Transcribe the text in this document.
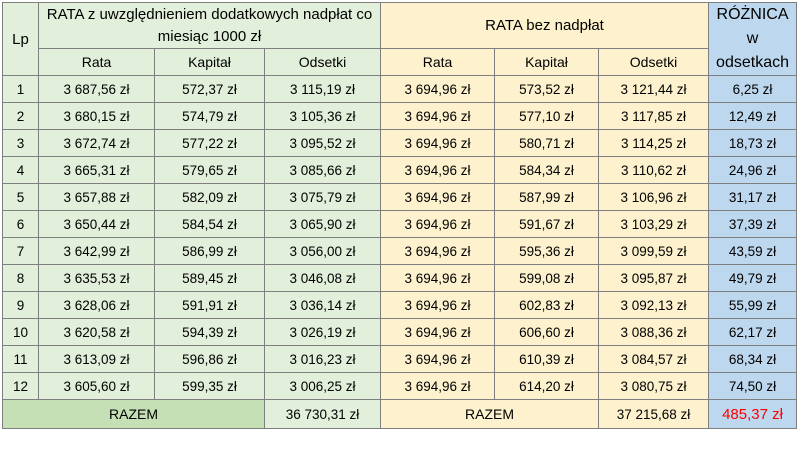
Lp	RATA z uwzględnieniem dodatkowych nadpłat co miesiąc 1000 zł			RATA bez nadpłat			RÓŻNICA
w odsetkach

	Rata	Kapitał	Odsetki	Rata	Kapitał	Odsetki	
1	3 687,56 zł	572,37 zł	3 115,19 zł	3 694,96 zł	573,52 zł	3 121,44 zł	6,25 zł
2	3 680,15 zł	574,79 zł	3 105,36 zł	3 694,96 zł	577,10 zł	3 117,85 zł	12,49 zł
3	3 672,74 zł	577,22 zł	3 095,52 zł	3 694,96 zł	580,71 zł	3 114,25 zł	18,73 zł
4	3 665,31 zł	579,65 zł	3 085,66 zł	3 694,96 zł	584,34 zł	3 110,62 zł	24,96 zł
5	3 657,88 zł	582,09 zł	3 075,79 zł	3 694,96 zł	587,99 zł	3 106,96 zł	31,17 zł
6	3 650,44 zł	584,54 zł	3 065,90 zł	3 694,96 zł	591,67 zł	3 103,29 zł	37,39 zł
7	3 642,99 zł	586,99 zł	3 056,00 zł	3 694,96 zł	595,36 zł	3 099,59 zł	43,59 zł
8	3 635,53 zł	589,45 zł	3 046,08 zł	3 694,96 zł	599,08 zł	3 095,87 zł	49,79 zł
9	3 628,06 zł	591,91 zł	3 036,14 zł	3 694,96 zł	602,83 zł	3 092,13 zł	55,99 zł
10	3 620,58 zł	594,39 zł	3 026,19 zł	3 694,96 zł	606,60 zł	3 088,36 zł	62,17 zł
11	3 613,09 zł	596,86 zł	3 016,23 zł	3 694,96 zł	610,39 zł	3 084,57 zł	68,34 zł
12	3 605,60 zł	599,35 zł	3 006,25 zł	3 694,96 zł	614,20 zł	3 080,75 zł	74,50 zł
RAZEM			36 730,31 zł	RAZEM		37 215,68 zł	485,37 zł
